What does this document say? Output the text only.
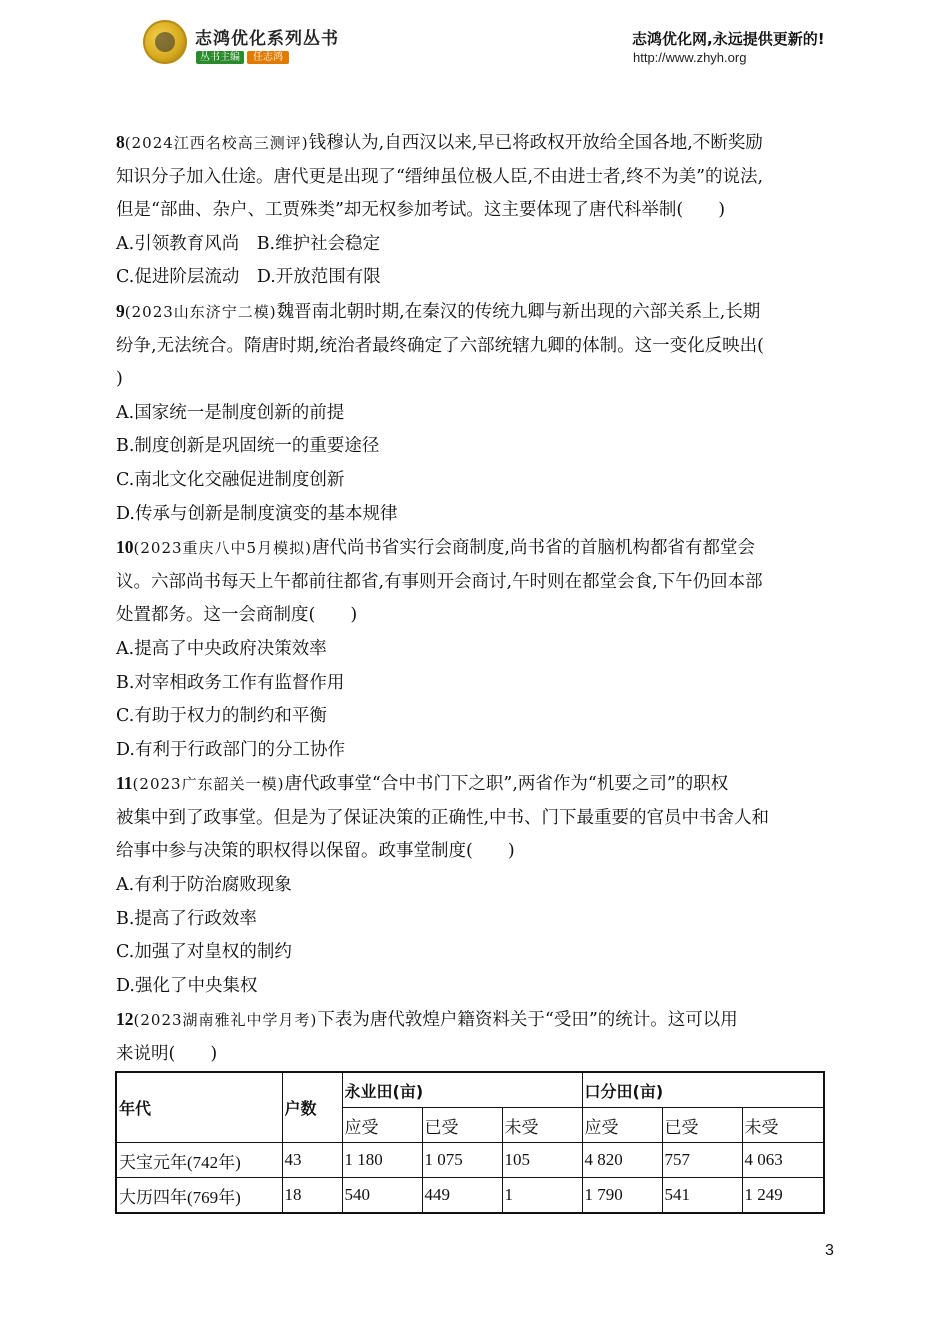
志鸿优化系列丛书
丛书主编 任志鸿
志鸿优化网,永远提供更新的!
http://www.zhyh.org

8(2024江西名校高三测评)钱穆认为,自西汉以来,早已将政权开放给全国各地,不断奖励

知识分子加入仕途。唐代更是出现了“缙绅虽位极人臣,不由进士者,终不为美”的说法,

但是“部曲、杂户、工贾殊类”却无权参加考试。这主要体现了唐代科举制(　　)

A.引领教育风尚　B.维护社会稳定

C.促进阶层流动　D.开放范围有限

9(2023山东济宁二模)魏晋南北朝时期,在秦汉的传统九卿与新出现的六部关系上,长期

纷争,无法统合。隋唐时期,统治者最终确定了六部统辖九卿的体制。这一变化反映出(

)

A.国家统一是制度创新的前提

B.制度创新是巩固统一的重要途径

C.南北文化交融促进制度创新

D.传承与创新是制度演变的基本规律

10(2023重庆八中5月模拟)唐代尚书省实行会商制度,尚书省的首脑机构都省有都堂会

议。六部尚书每天上午都前往都省,有事则开会商讨,午时则在都堂会食,下午仍回本部

处置都务。这一会商制度(　　)

A.提高了中央政府决策效率

B.对宰相政务工作有监督作用

C.有助于权力的制约和平衡

D.有利于行政部门的分工协作

11(2023广东韶关一模)唐代政事堂“合中书门下之职”,两省作为“机要之司”的职权

被集中到了政事堂。但是为了保证决策的正确性,中书、门下最重要的官员中书舍人和

给事中参与决策的职权得以保留。政事堂制度(　　)

A.有利于防治腐败现象

B.提高了行政效率

C.加强了对皇权的制约

D.强化了中央集权

12(2023湖南雅礼中学月考)下表为唐代敦煌户籍资料关于“受田”的统计。这可以用

来说明(　　)

年代	户数	永业田(亩)			口分田(亩)		
		应受	已受	未受	应受	已受	未受
天宝元年(742年)	43	1 180	1 075	105	4 820	757	4 063
大历四年(769年)	18	540	449	1	1 790	541	1 249
3
